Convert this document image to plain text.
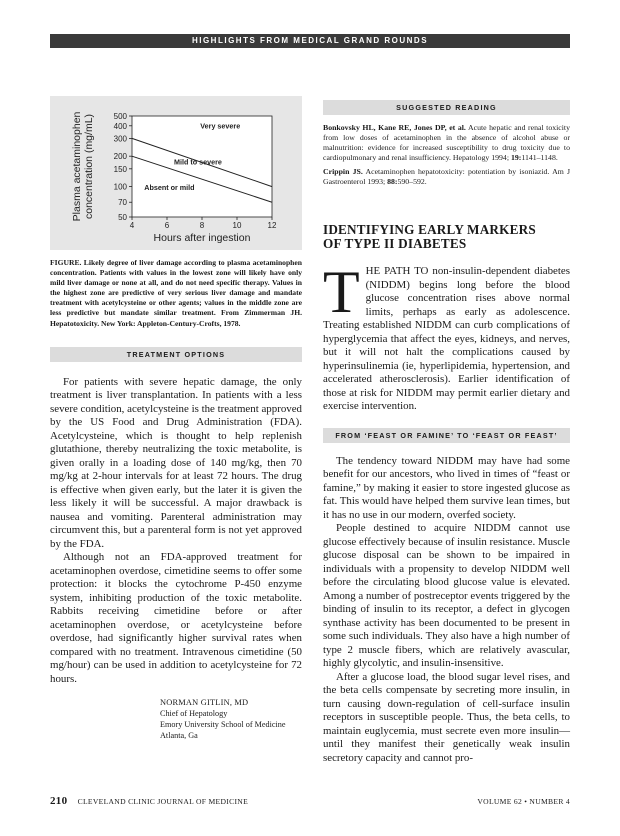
HIGHLIGHTS FROM MEDICAL GRAND ROUNDS
500
400
300
200
150
100
70
50
4	6	8	10	12
Very severe
Mild to severe
Absent or mild
Hours after ingestion
Plasma acetaminophenconcentration (mg/mL)
FIGURE. Likely degree of liver damage according to plasma acetaminophen concentration. Patients with values in the lowest zone will likely have only mild liver damage or none at all, and do not need specific therapy. Values in the highest zone are predictive of very serious liver damage and mandate treatment with acetylcysteine or other agents; values in the middle zone are less predictive but mandate similar treatment. From Zimmerman JH. Hepatotoxicity. New York: Appleton-Century-Crofts, 1978.
TREATMENT OPTIONS

For patients with severe hepatic damage, the only treatment is liver transplantation. In patients with a less severe condition, acetylcysteine is the treatment approved by the US Food and Drug Administration (FDA). Acetylcysteine, which is thought to help replenish glutathione, thereby neutralizing the toxic metabolite, is given orally in a loading dose of 140 mg/kg, then 70 mg/kg at 2-hour intervals for at least 72 hours. The drug is effective when given early, but the later it is given the less likely it will be successful. A major drawback is nausea and vomiting. Parenteral administration may circumvent this, but a parenteral form is not yet approved by the FDA.

Although not an FDA-approved treatment for acetaminophen overdose, cimetidine seems to offer some protection: it blocks the cytochrome P-450 enzyme system, inhibiting production of the toxic metabolite. Rabbits receiving cimetidine before or after acetaminophen overdose, or acetylcysteine before overdose, had significantly higher survival rates when compared with no treatment. Intravenous cimetidine (50 mg/hour) can be used in addition to acetylcysteine for 72 hours.

NORMAN GITLIN, MD
Chief of Hepatology
Emory University School of Medicine
Atlanta, Ga
SUGGESTED READING
Bonkovsky HL, Kane RE, Jones DP, et al. Acute hepatic and renal toxicity from low doses of acetaminophen in the absence of alcohol abuse or malnutrition: evidence for increased susceptibility to drug toxicity due to cardiopulmonary and renal insufficiency. Hepatology 1994; 19:1141–1148.
Crippin JS. Acetaminophen hepatotoxicity: potentiation by isoniazid. Am J Gastroenterol 1993; 88:590–592.
IDENTIFYING EARLY MARKERS
OF TYPE II DIABETES

THE PATH TO non-insulin-dependent diabetes (NIDDM) begins long before the blood glucose concentration rises above normal limits, perhaps as early as adolescence. Treating established NIDDM can curb complications of hyperglycemia that affect the eyes, kidneys, and nerves, but it will not halt the complications caused by hyperinsulinemia (ie, hyperlipidemia, hypertension, and accelerated atherosclerosis). Earlier identification of those at risk for NIDDM may permit earlier dietary and exercise intervention.

FROM ‘FEAST OR FAMINE’ TO ‘FEAST OR FEAST’

The tendency toward NIDDM may have had some benefit for our ancestors, who lived in times of “feast or famine,” by making it easier to store ingested glucose as fat. This would have helped them survive lean times, but it has no use in our modern, overfed society.

People destined to acquire NIDDM cannot use glucose effectively because of insulin resistance. Muscle glucose disposal can be shown to be impaired in individuals with a propensity to develop NIDDM well before the circulating blood glucose value is elevated. Among a number of postreceptor events triggered by the binding of insulin to its receptor, a defect in glycogen synthase activity has been documented to be present in some such individuals. They also have a high number of type 2 muscle fibers, which are relatively avascular, highly glycolytic, and insulin-insensitive.

After a glucose load, the blood sugar level rises, and the beta cells compensate by secreting more insulin, in turn causing down-regulation of cell-surface insulin receptors in susceptible people. Thus, the beta cells, to maintain euglycemia, must secrete even more insulin—until they manifest their genetically weak insulin secretory capacity and cannot pro-

210 CLEVELAND CLINIC JOURNAL OF MEDICINE	VOLUME 62 • NUMBER 4
